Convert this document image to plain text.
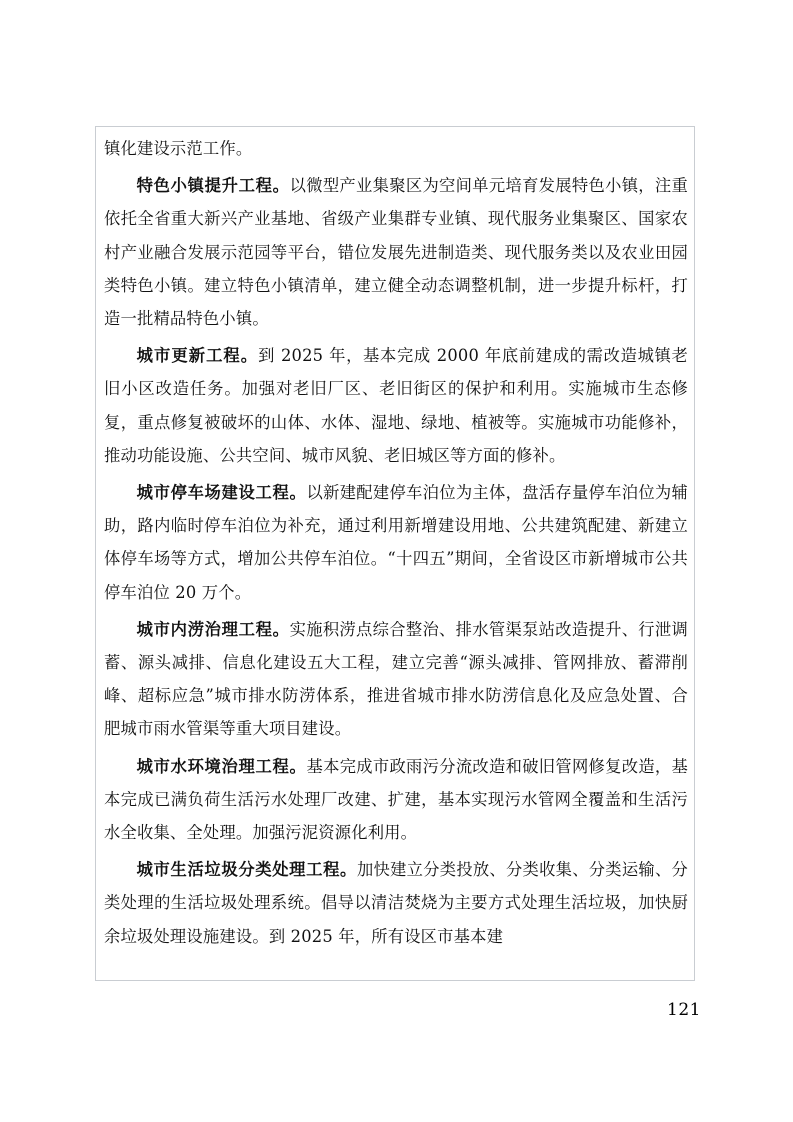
镇化建设示范工作。

特色小镇提升工程。以微型产业集聚区为空间单元培育发展特色小镇，注重依托全省重大新兴产业基地、省级产业集群专业镇、现代服务业集聚区、国家农村产业融合发展示范园等平台，错位发展先进制造类、现代服务类以及农业田园类特色小镇。建立特色小镇清单，建立健全动态调整机制，进一步提升标杆，打造一批精品特色小镇。

城市更新工程。到 2025 年，基本完成 2000 年底前建成的需改造城镇老旧小区改造任务。加强对老旧厂区、老旧街区的保护和利用。实施城市生态修复，重点修复被破坏的山体、水体、湿地、绿地、植被等。实施城市功能修补，推动功能设施、公共空间、城市风貌、老旧城区等方面的修补。

城市停车场建设工程。以新建配建停车泊位为主体，盘活存量停车泊位为辅助，路内临时停车泊位为补充，通过利用新增建设用地、公共建筑配建、新建立体停车场等方式，增加公共停车泊位。“十四五”期间，全省设区市新增城市公共停车泊位 20 万个。

城市内涝治理工程。实施积涝点综合整治、排水管渠泵站改造提升、行泄调蓄、源头减排、信息化建设五大工程，建立完善“源头减排、管网排放、蓄滞削峰、超标应急”城市排水防涝体系，推进省城市排水防涝信息化及应急处置、合肥城市雨水管渠等重大项目建设。

城市水环境治理工程。基本完成市政雨污分流改造和破旧管网修复改造，基本完成已满负荷生活污水处理厂改建、扩建，基本实现污水管网全覆盖和生活污水全收集、全处理。加强污泥资源化利用。

城市生活垃圾分类处理工程。加快建立分类投放、分类收集、分类运输、分类处理的生活垃圾处理系统。倡导以清洁焚烧为主要方式处理生活垃圾，加快厨余垃圾处理设施建设。到 2025 年，所有设区市基本建

121
